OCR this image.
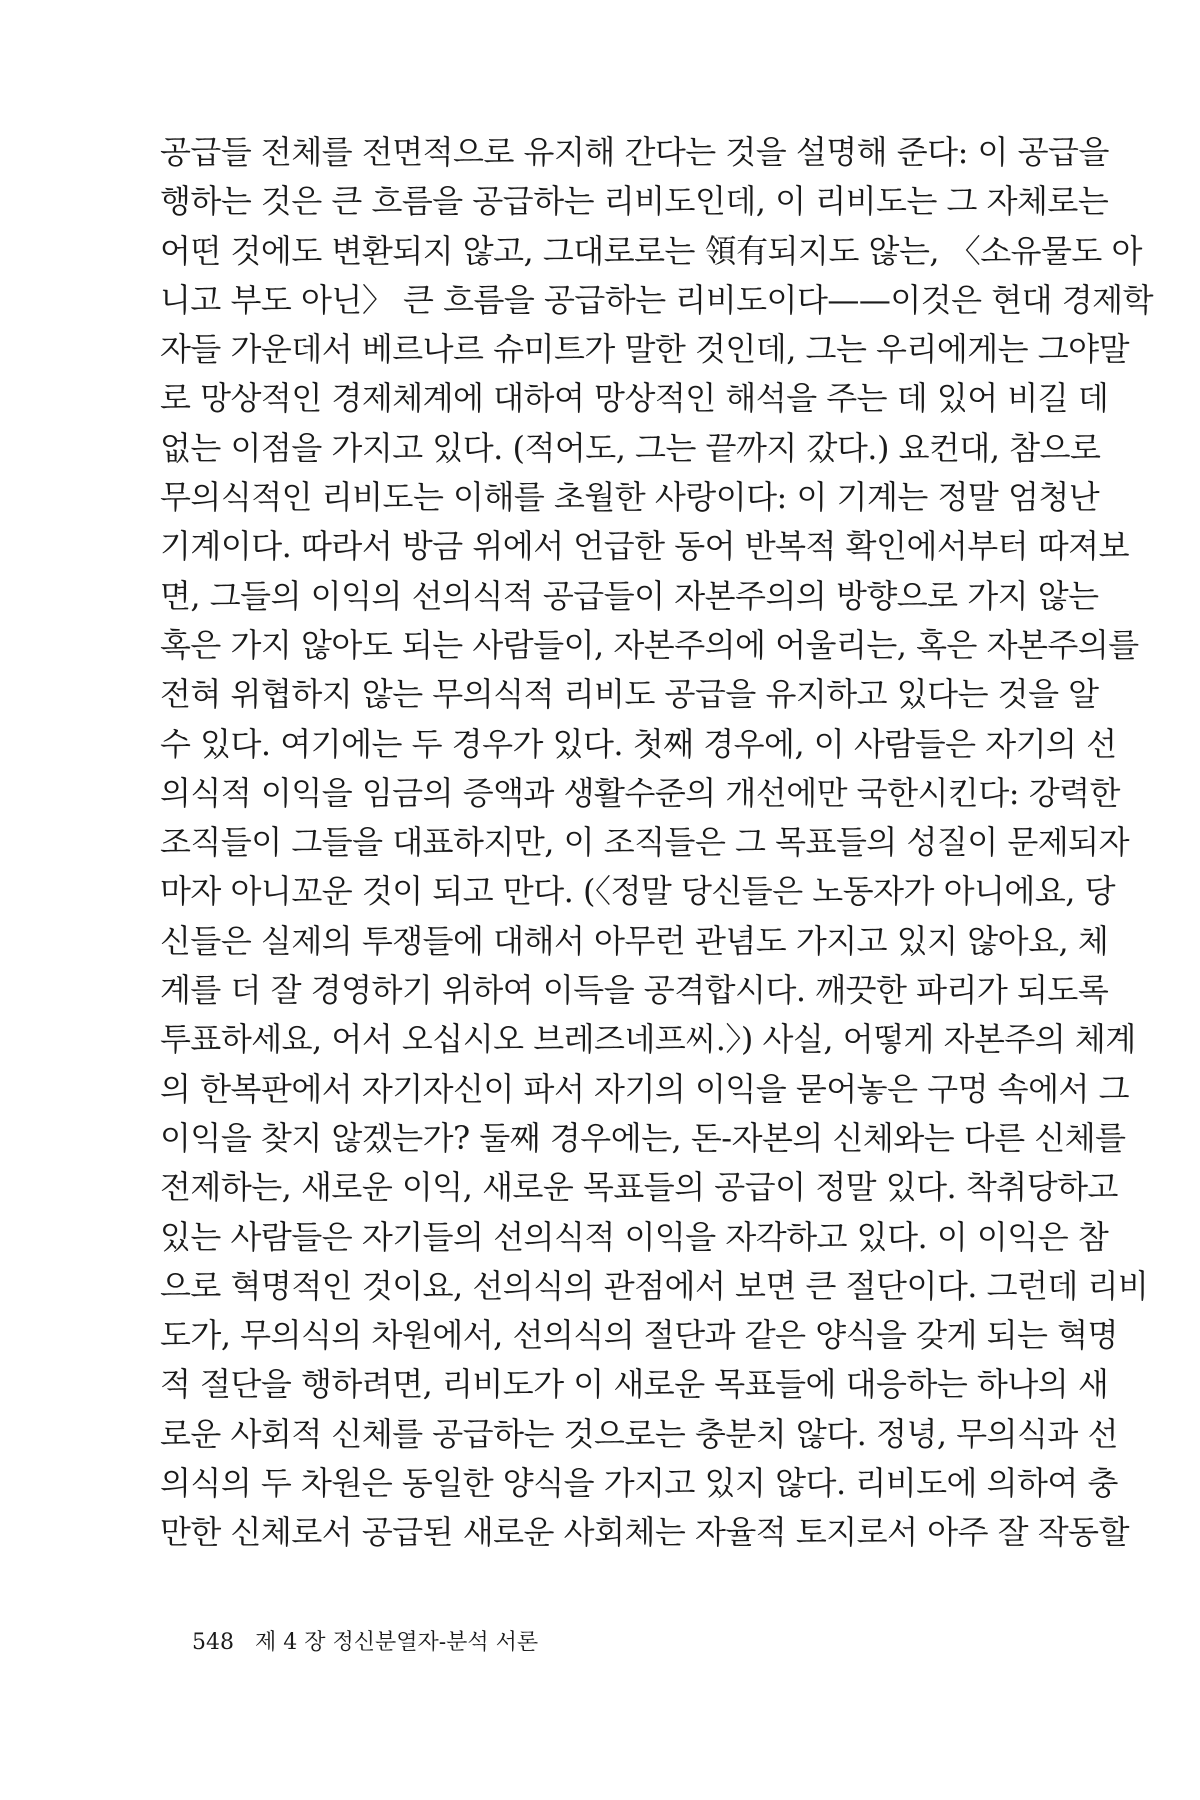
공급들 전체를 전면적으로 유지해 간다는 것을 설명해 준다: 이 공급을
행하는 것은 큰 흐름을 공급하는 리비도인데, 이 리비도는 그 자체로는
어떤 것에도 변환되지 않고, 그대로로는 領有되지도 않는, 〈소유물도 아
니고 부도 아닌〉 큰 흐름을 공급하는 리비도이다——이것은 현대 경제학
자들 가운데서 베르나르 슈미트가 말한 것인데, 그는 우리에게는 그야말
로 망상적인 경제체계에 대하여 망상적인 해석을 주는 데 있어 비길 데
없는 이점을 가지고 있다. (적어도, 그는 끝까지 갔다.) 요컨대, 참으로
무의식적인 리비도는 이해를 초월한 사랑이다: 이 기계는 정말 엄청난
기계이다. 따라서 방금 위에서 언급한 동어 반복적 확인에서부터 따져보
면, 그들의 이익의 선의식적 공급들이 자본주의의 방향으로 가지 않는
혹은 가지 않아도 되는 사람들이, 자본주의에 어울리는, 혹은 자본주의를
전혀 위협하지 않는 무의식적 리비도 공급을 유지하고 있다는 것을 알
수 있다. 여기에는 두 경우가 있다. 첫째 경우에, 이 사람들은 자기의 선
의식적 이익을 임금의 증액과 생활수준의 개선에만 국한시킨다: 강력한
조직들이 그들을 대표하지만, 이 조직들은 그 목표들의 성질이 문제되자
마자 아니꼬운 것이 되고 만다. (〈정말 당신들은 노동자가 아니에요, 당
신들은 실제의 투쟁들에 대해서 아무런 관념도 가지고 있지 않아요, 체
계를 더 잘 경영하기 위하여 이득을 공격합시다. 깨끗한 파리가 되도록
투표하세요, 어서 오십시오 브레즈네프씨.〉) 사실, 어떻게 자본주의 체계
의 한복판에서 자기자신이 파서 자기의 이익을 묻어놓은 구멍 속에서 그
이익을 찾지 않겠는가? 둘째 경우에는, 돈-자본의 신체와는 다른 신체를
전제하는, 새로운 이익, 새로운 목표들의 공급이 정말 있다. 착취당하고
있는 사람들은 자기들의 선의식적 이익을 자각하고 있다. 이 이익은 참
으로 혁명적인 것이요, 선의식의 관점에서 보면 큰 절단이다. 그런데 리비
도가, 무의식의 차원에서, 선의식의 절단과 같은 양식을 갖게 되는 혁명
적 절단을 행하려면, 리비도가 이 새로운 목표들에 대응하는 하나의 새
로운 사회적 신체를 공급하는 것으로는 충분치 않다. 정녕, 무의식과 선
의식의 두 차원은 동일한 양식을 가지고 있지 않다. 리비도에 의하여 충
만한 신체로서 공급된 새로운 사회체는 자율적 토지로서 아주 잘 작동할
548 제 4 장 정신분열자-분석 서론
